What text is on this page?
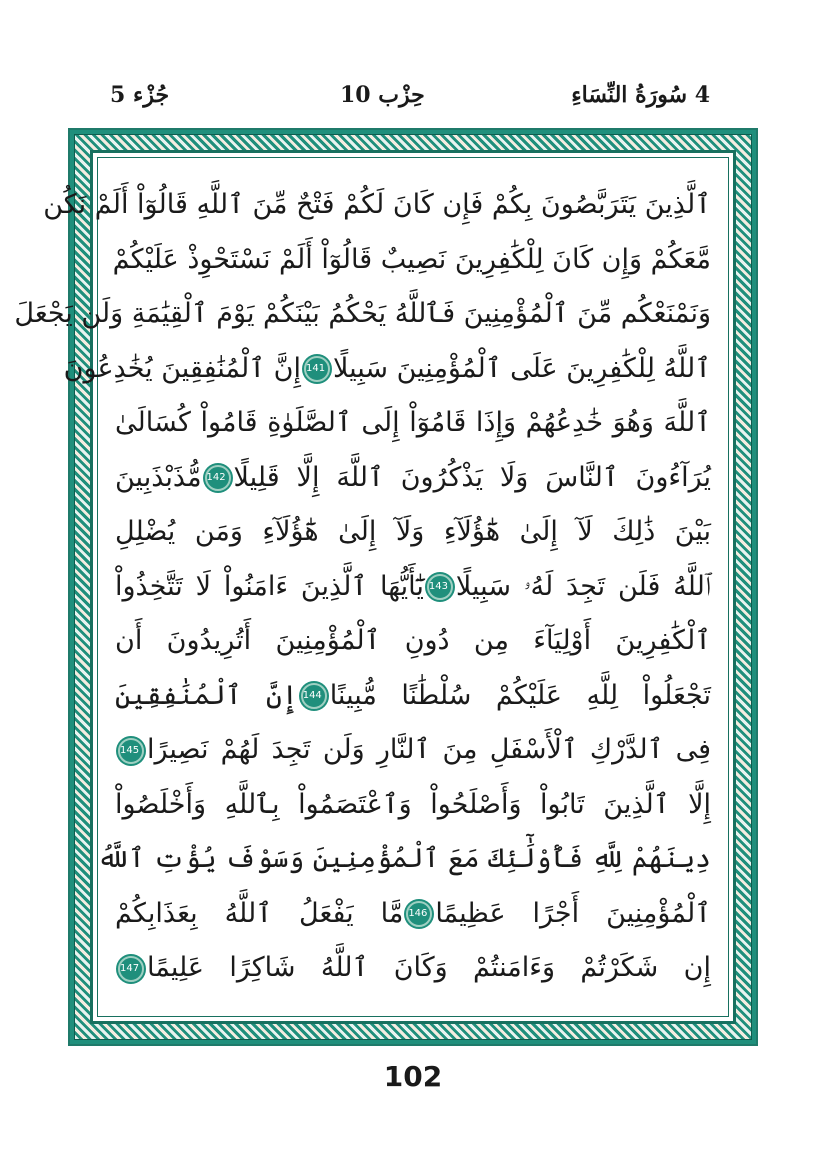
جُزْء 5	حِزْب 10	4 سُورَةُ النِّسَاءِ
ٱلَّذِينَ يَتَرَبَّصُونَ بِكُمْ فَإِن كَانَ لَكُمْ فَتْحٌ مِّنَ ٱللَّهِ قَالُوٓاْ أَلَمْ نَكُن
مَّعَكُمْ وَإِن كَانَ لِلْكَٰفِرِينَ نَصِيبٌ قَالُوٓاْ أَلَمْ نَسْتَحْوِذْ عَلَيْكُمْ
وَنَمْنَعْكُم مِّنَ ٱلْمُؤْمِنِينَ فَٱللَّهُ يَحْكُمُ بَيْنَكُمْ يَوْمَ ٱلْقِيَٰمَةِ وَلَن يَجْعَلَ
ٱللَّهُ لِلْكَٰفِرِينَ عَلَى ٱلْمُؤْمِنِينَ سَبِيلًا141إِنَّ ٱلْمُنَٰفِقِينَ يُخَٰدِعُونَ
ٱللَّهَ وَهُوَ خَٰدِعُهُمْ وَإِذَا قَامُوٓاْ إِلَى ٱلصَّلَوٰةِ قَامُواْ كُسَالَىٰ
يُرَآءُونَ ٱلنَّاسَ وَلَا يَذْكُرُونَ ٱللَّهَ إِلَّا قَلِيلًا142مُّذَبْذَبِينَ
بَيْنَ ذَٰلِكَ لَآ إِلَىٰ هَٰٓؤُلَآءِ وَلَآ إِلَىٰ هَٰٓؤُلَآءِ وَمَن يُضْلِلِ
ٱللَّهُ فَلَن تَجِدَ لَهُۥ سَبِيلًا143يَٰٓأَيُّهَا ٱلَّذِينَ ءَامَنُواْ لَا تَتَّخِذُواْ
ٱلْكَٰفِرِينَ أَوْلِيَآءَ مِن دُونِ ٱلْمُؤْمِنِينَ أَتُرِيدُونَ أَن
تَجْعَلُواْ لِلَّهِ عَلَيْكُمْ سُلْطَٰنًا مُّبِينًا144إِنَّ ٱلْمُنَٰفِقِينَ
فِى ٱلدَّرْكِ ٱلْأَسْفَلِ مِنَ ٱلنَّارِ وَلَن تَجِدَ لَهُمْ نَصِيرًا145
إِلَّا ٱلَّذِينَ تَابُواْ وَأَصْلَحُواْ وَٱعْتَصَمُواْ بِٱللَّهِ وَأَخْلَصُواْ
دِينَهُمْ لِلَّهِ فَأُوْلَٰٓئِكَ مَعَ ٱلْمُؤْمِنِينَ وَسَوْفَ يُؤْتِ ٱللَّهُ
ٱلْمُؤْمِنِينَ أَجْرًا عَظِيمًا146مَّا يَفْعَلُ ٱللَّهُ بِعَذَابِكُمْ
إِن شَكَرْتُمْ وَءَامَنتُمْ وَكَانَ ٱللَّهُ شَاكِرًا عَلِيمًا147
102
